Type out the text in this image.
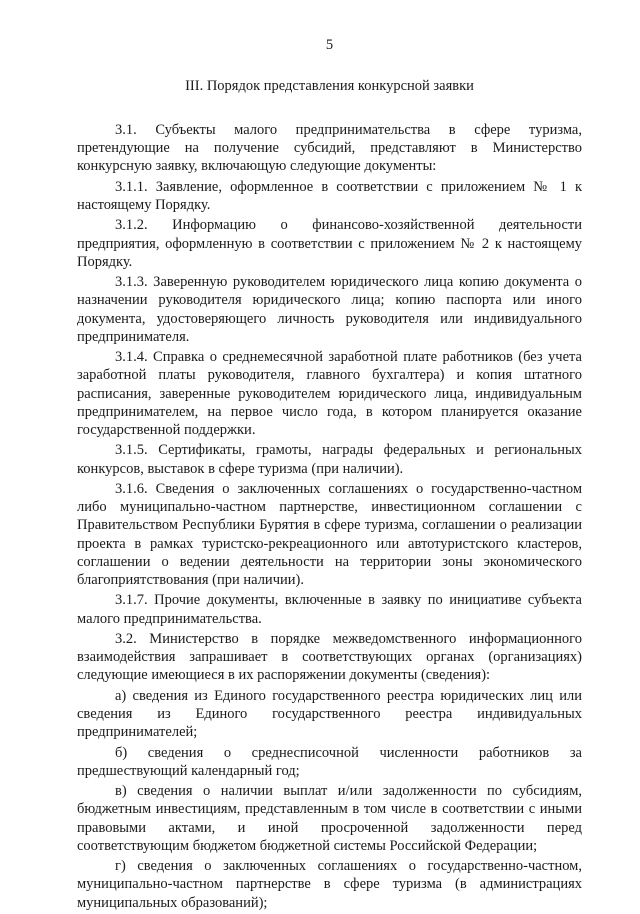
5
III. Порядок представления конкурсной заявки

3.1. Субъекты малого предпринимательства в сфере туризма, претендующие на получение субсидий, представляют в Министерство конкурсную заявку, включающую следующие документы:

3.1.1. Заявление, оформленное в соответствии с приложением № 1 к настоящему Порядку.

3.1.2. Информацию о финансово-хозяйственной деятельности предприятия, оформленную в соответствии с приложением № 2 к настоящему Порядку.

3.1.3. Заверенную руководителем юридического лица копию документа о назначении руководителя юридического лица; копию паспорта или иного документа, удостоверяющего личность руководителя или индивидуального предпринимателя.

3.1.4. Справка о среднемесячной заработной плате работников (без учета заработной платы руководителя, главного бухгалтера) и копия штатного расписания, заверенные руководителем юридического лица, индивидуальным предпринимателем, на первое число года, в котором планируется оказание государственной поддержки.

3.1.5. Сертификаты, грамоты, награды федеральных и региональных конкурсов, выставок в сфере туризма (при наличии).

3.1.6. Сведения о заключенных соглашениях о государственно-частном либо муниципально-частном партнерстве, инвестиционном соглашении с Правительством Республики Бурятия в сфере туризма, соглашении о реализации проекта в рамках туристско-рекреационного или автотуристского кластеров, соглашении о ведении деятельности на территории зоны экономического благоприятствования (при наличии).

3.1.7. Прочие документы, включенные в заявку по инициативе субъекта малого предпринимательства.

3.2. Министерство в порядке межведомственного информационного взаимодействия запрашивает в соответствующих органах (организациях) следующие имеющиеся в их распоряжении документы (сведения):

а) сведения из Единого государственного реестра юридических лиц или сведения из Единого государственного реестра индивидуальных предпринимателей;

б) сведения о среднесписочной численности работников за предшествующий календарный год;

в) сведения о наличии выплат и/или задолженности по субсидиям, бюджетным инвестициям, представленным в том числе в соответствии с иными правовыми актами, и иной просроченной задолженности перед соответствующим бюджетом бюджетной системы Российской Федерации;

г) сведения о заключенных соглашениях о государственно-частном, муниципально-частном партнерстве в сфере туризма (в администрациях муниципальных образований);
